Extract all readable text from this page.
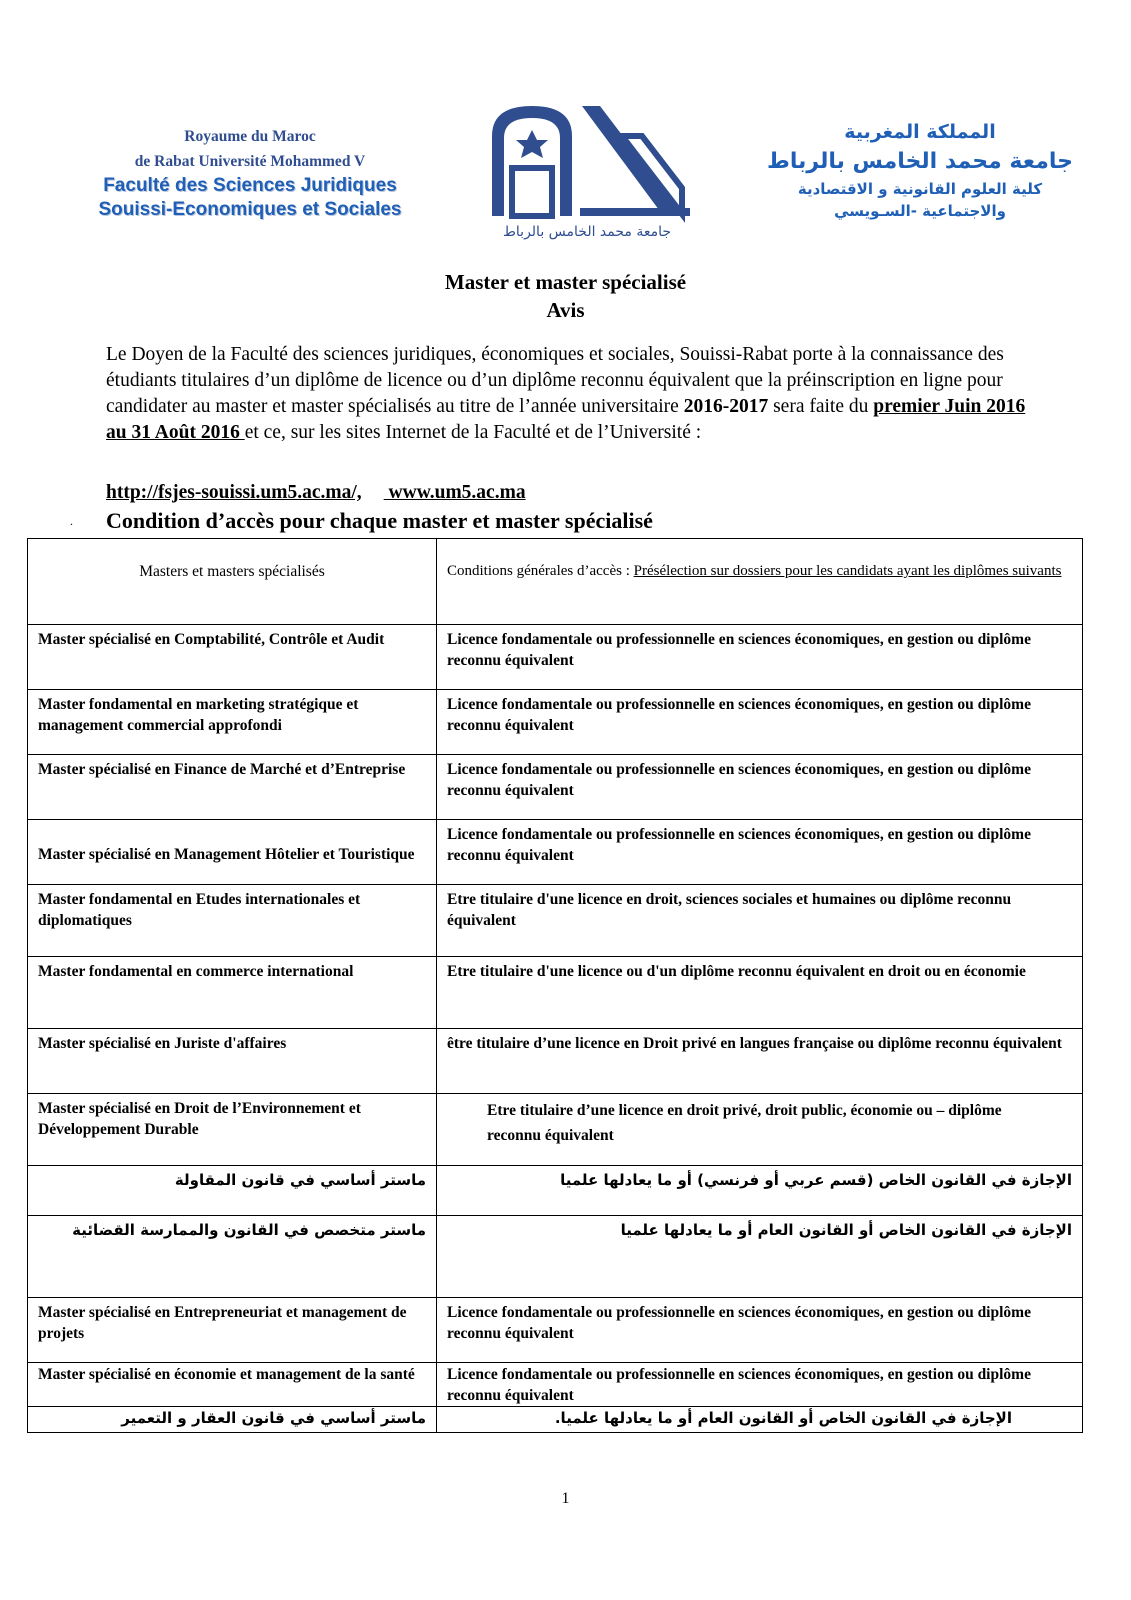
Royaume du Maroc
de Rabat Université Mohammed V
Faculté des Sciences Juridiques
Souissi-Economiques et Sociales
جامعة محمد الخامس بالرباط
المملكة المغربية
جامعة محمد الخامس بالرباط
كلية العلوم القانونية و الاقتصادية
والاجتماعية -السـويسي
Master et master spécialisé
Avis
Le Doyen de la Faculté des sciences juridiques, économiques et sociales, Souissi-Rabat porte à la connaissance des étudiants titulaires d’un diplôme de licence ou d’un diplôme reconnu équivalent que la préinscription en ligne pour candidater au master et master spécialisés au titre de l’année universitaire 2016-2017 sera faite du premier Juin 2016 au 31 Août 2016 et ce, sur les sites Internet de la Faculté et de l’Université :
http://fsjes-souissi.um5.ac.ma/, www.um5.ac.ma
. Condition d’accès pour chaque master et master spécialisé
Masters et masters spécialisés	Conditions générales d’accès : Présélection sur dossiers pour les candidats ayant les diplômes suivants
Master spécialisé en Comptabilité, Contrôle et Audit	Licence fondamentale ou professionnelle en sciences économiques, en gestion ou diplôme reconnu équivalent
Master fondamental en marketing stratégique et management commercial approfondi	Licence fondamentale ou professionnelle en sciences économiques, en gestion ou diplôme reconnu équivalent
Master spécialisé en Finance de Marché et d’Entreprise	Licence fondamentale ou professionnelle en sciences économiques, en gestion ou diplôme reconnu équivalent
Master spécialisé en Management Hôtelier et Touristique	Licence fondamentale ou professionnelle en sciences économiques, en gestion ou diplôme reconnu équivalent
Master fondamental en Etudes internationales et diplomatiques	Etre titulaire d'une licence en droit, sciences sociales et humaines ou diplôme reconnu équivalent
Master fondamental en commerce international	Etre titulaire d'une licence ou d'un diplôme reconnu équivalent en droit ou en économie
Master spécialisé en Juriste d'affaires	être titulaire d’une licence en Droit privé en langues française ou diplôme reconnu équivalent
Master spécialisé en Droit de l’Environnement et Développement Durable	Etre titulaire d’une licence en droit privé, droit public, économie ou – diplôme reconnu équivalent
ماستر أساسي في قانون المقاولة	الإجازة في القانون الخاص (قسم عربي أو فرنسي) أو ما يعادلها علميا
ماستر متخصص في القانون والممارسة القضائية	الإجازة في القانون الخاص أو القانون العام أو ما يعادلها علميا
Master spécialisé en Entrepreneuriat et management de projets	Licence fondamentale ou professionnelle en sciences économiques, en gestion ou diplôme reconnu équivalent
Master spécialisé en économie et management de la santé	Licence fondamentale ou professionnelle en sciences économiques, en gestion ou diplôme reconnu équivalent
ماستر أساسي في قانون العقار و التعمير	الإجازة في القانون الخاص أو القانون العام أو ما يعادلها علميا.
1
